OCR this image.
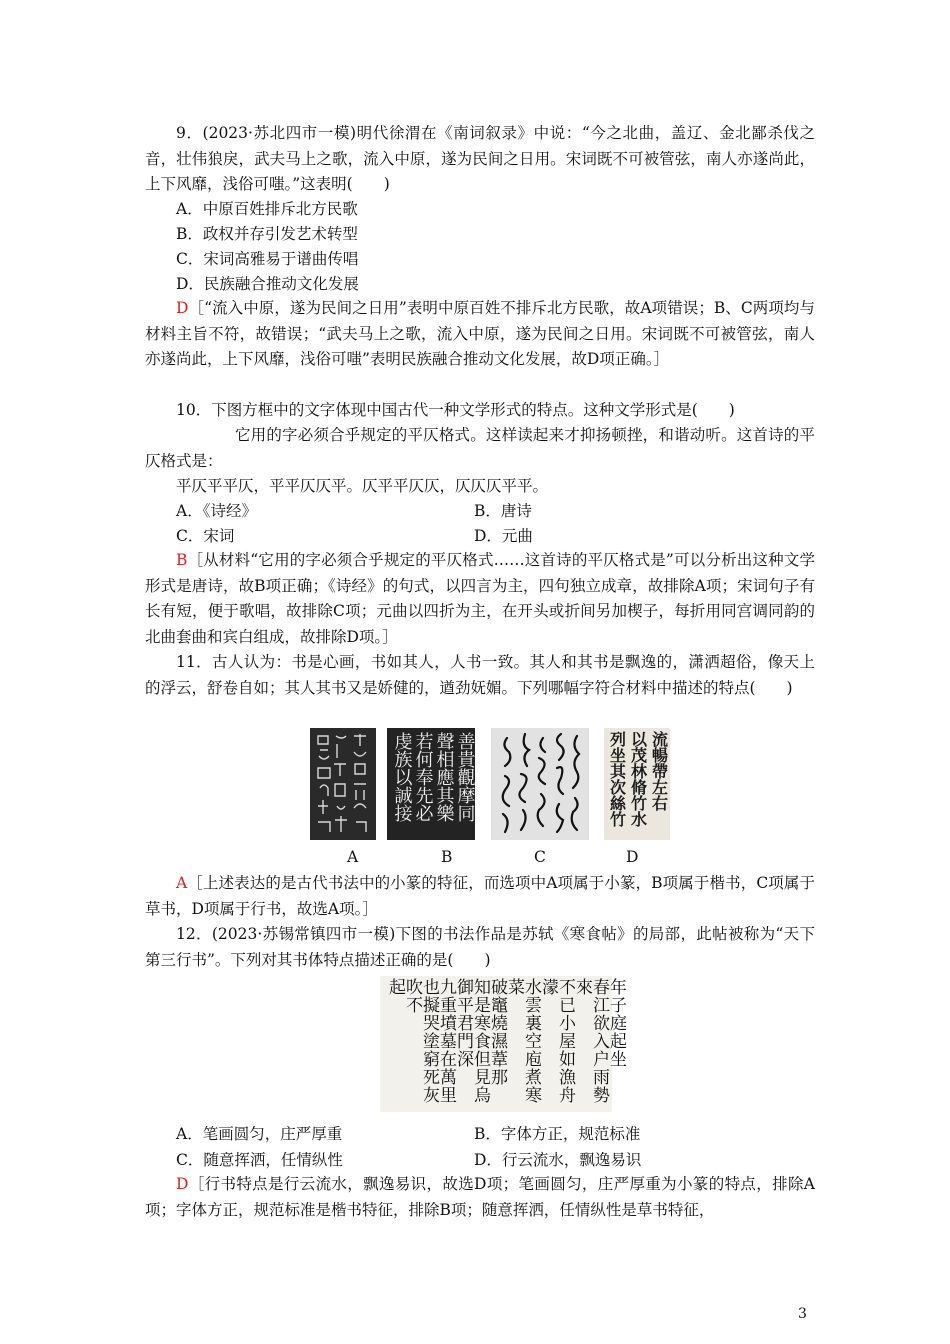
9．(2023·苏北四市一模)明代徐渭在《南词叙录》中说：“今之北曲，盖辽、金北鄙杀伐之音，壮伟狼戾，武夫马上之歌，流入中原，遂为民间之日用。宋词既不可被管弦，南人亦遂尚此，上下风靡，浅俗可嗤。”这表明(　　)

A．中原百姓排斥北方民歌

B．政权并存引发艺术转型

C．宋词高雅易于谱曲传唱

D．民族融合推动文化发展

D［“流入中原，遂为民间之日用”表明中原百姓不排斥北方民歌，故A项错误；B、C两项均与材料主旨不符，故错误；“武夫马上之歌，流入中原，遂为民间之日用。宋词既不可被管弦，南人亦遂尚此，上下风靡，浅俗可嗤”表明民族融合推动文化发展，故D项正确。］

10．下图方框中的文字体现中国古代一种文学形式的特点。这种文学形式是(　　)

它用的字必须合乎规定的平仄格式。这样读起来才抑扬顿挫，和谐动听。这首诗的平仄格式是：

平仄平平仄，平平仄仄平。仄平平仄仄，仄仄仄平平。

A．《诗经》	B．唐诗

C．宋词	D．元曲

B［从材料“它用的字必须合乎规定的平仄格式……这首诗的平仄格式是”可以分析出这种文学形式是唐诗，故B项正确；《诗经》的句式，以四言为主，四句独立成章，故排除A项；宋词句子有长有短，便于歌唱，故排除C项；元曲以四折为主，在开头或折间另加楔子，每折用同宫调同韵的北曲套曲和宾白组成，故排除D项。］

11．古人认为：书是心画，书如其人，人书一致。其人和其书是飘逸的，潇洒超俗，像天上的浮云，舒卷自如；其人其书又是娇健的，遒劲妩媚。下列哪幅字符合材料中描述的特点(　　)

善貴觀摩同
聲相應其樂
若何奉先必
虔族以誠接	流暢帶左右
以茂林脩竹水
列坐其次絲竹
A	B	C	D

A［上述表达的是古代书法中的小篆的特征，而选项中A项属于小篆，B项属于楷书，C项属于草书，D项属于行书，故选A项。］

12．(2023·苏锡常镇四市一模)下图的书法作品是苏轼《寒食帖》的局部，此帖被称为“天下第三行书”。下列对其书体特点描述正确的是(　　)

年子庭起坐
春江欲入户雨勢來
不已小屋如漁舟濛
水雲裏空庖煮寒菜
破竈燒濕葦那
知是寒食但見烏
御平君門深
九重墳墓在萬里
也擬哭塗窮死灰吹不
起

A．笔画圆匀，庄严厚重	B．字体方正，规范标准

C．随意挥洒，任情纵性	D．行云流水，飘逸易识

D［行书特点是行云流水，飘逸易识，故选D项；笔画圆匀，庄严厚重为小篆的特点，排除A项；字体方正，规范标准是楷书特征，排除B项；随意挥洒，任情纵性是草书特征，

3
